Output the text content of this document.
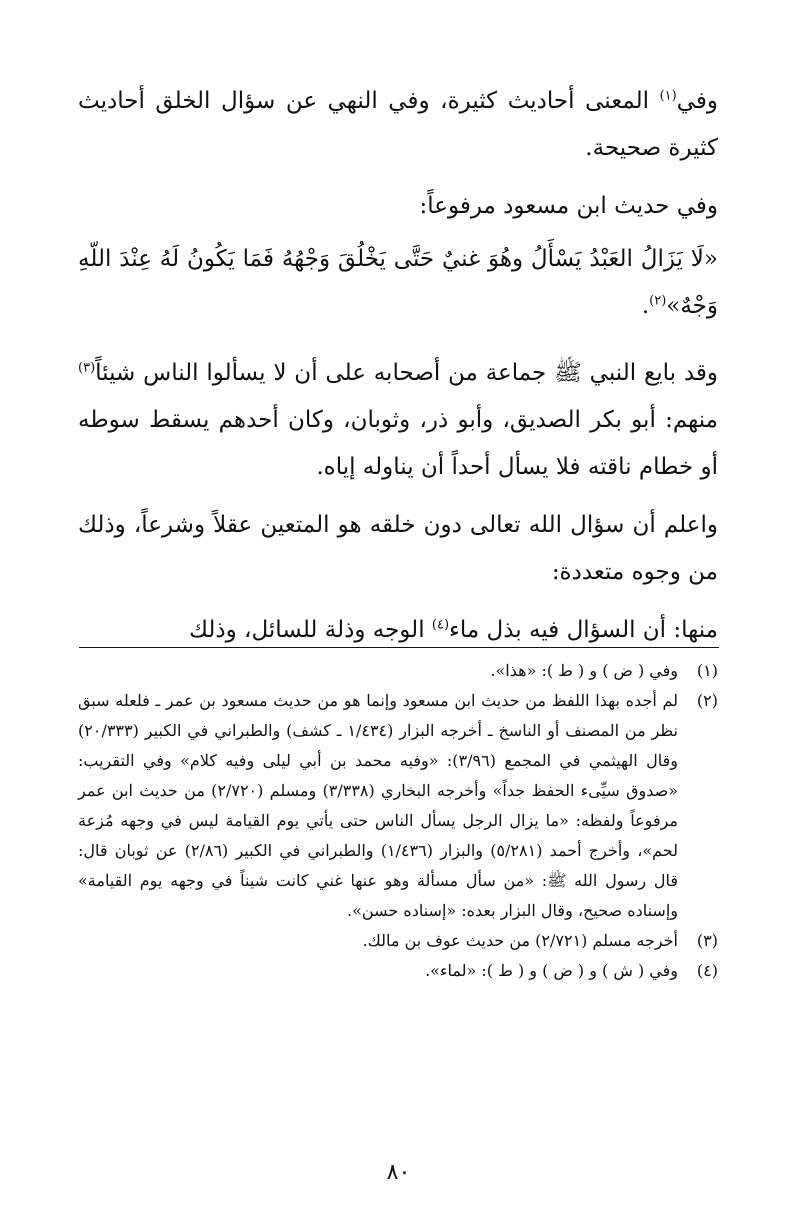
وفي$^{(١)}$ المعنى أحاديث كثيرة، وفي النهي عن سؤال الخلق أحاديث كثيرة صحيحة.

وفي حديث ابن مسعود مرفوعاً:

«لَا يَزَالُ العَبْدُ يَسْأَلُ وهُوَ غنيٌ حَتَّى يَخْلُقَ وَجْهُهُ فَمَا يَكُونُ لَهُ عِنْدَ اللّهِ وَجْهٌ»$^{(٢)}$.

وقد بايع النبي ﷺ جماعة من أصحابه على أن لا يسألوا الناس شيئاً$^{(٣)}$ منهم: أبو بكر الصديق، وأبو ذر، وثوبان، وكان أحدهم يسقط سوطه أو خطام ناقته فلا يسأل أحداً أن يناوله إياه.

واعلم أن سؤال الله تعالى دون خلقه هو المتعين عقلاً وشرعاً، وذلك من وجوه متعددة:

منها: أن السؤال فيه بذل ماء$^{(٤)}$ الوجه وذلة للسائل، وذلك

(١)
وفي ( ض ) و ( ط ): «هذا».
(٢)
لم أجده بهذا اللفظ من حديث ابن مسعود وإنما هو من حديث مسعود بن عمر ـ فلعله سبق نظر من المصنف أو الناسخ ـ أخرجه البزار (١/٤٣٤ ـ كشف) والطبراني في الكبير (٢٠/٣٣٣) وقال الهيثمي في المجمع (٣/٩٦): «وفيه محمد بن أبي ليلى وفيه كلام» وفي التقريب: «صدوق سيِّىء الحفظ جداً» وأخرجه البخاري (٣/٣٣٨) ومسلم (٢/٧٢٠) من حديث ابن عمر مرفوعاً ولفظه: «ما يزال الرجل يسأل الناس حتى يأتي يوم القيامة ليس في وجهه مُزعة لحم»، وأخرج أحمد (٥/٢٨١) والبزار (١/٤٣٦) والطبراني في الكبير (٢/٨٦) عن ثوبان قال: قال رسول الله ﷺ: «من سأل مسألة وهو عنها غني كانت شيناً في وجهه يوم القيامة» وإسناده صحيح، وقال البزار بعده: «إسناده حسن».
(٣)
أخرجه مسلم (٢/٧٢١) من حديث عوف بن مالك.
(٤)
وفي ( ش ) و ( ض ) و ( ط ): «لماء».
٨٠
